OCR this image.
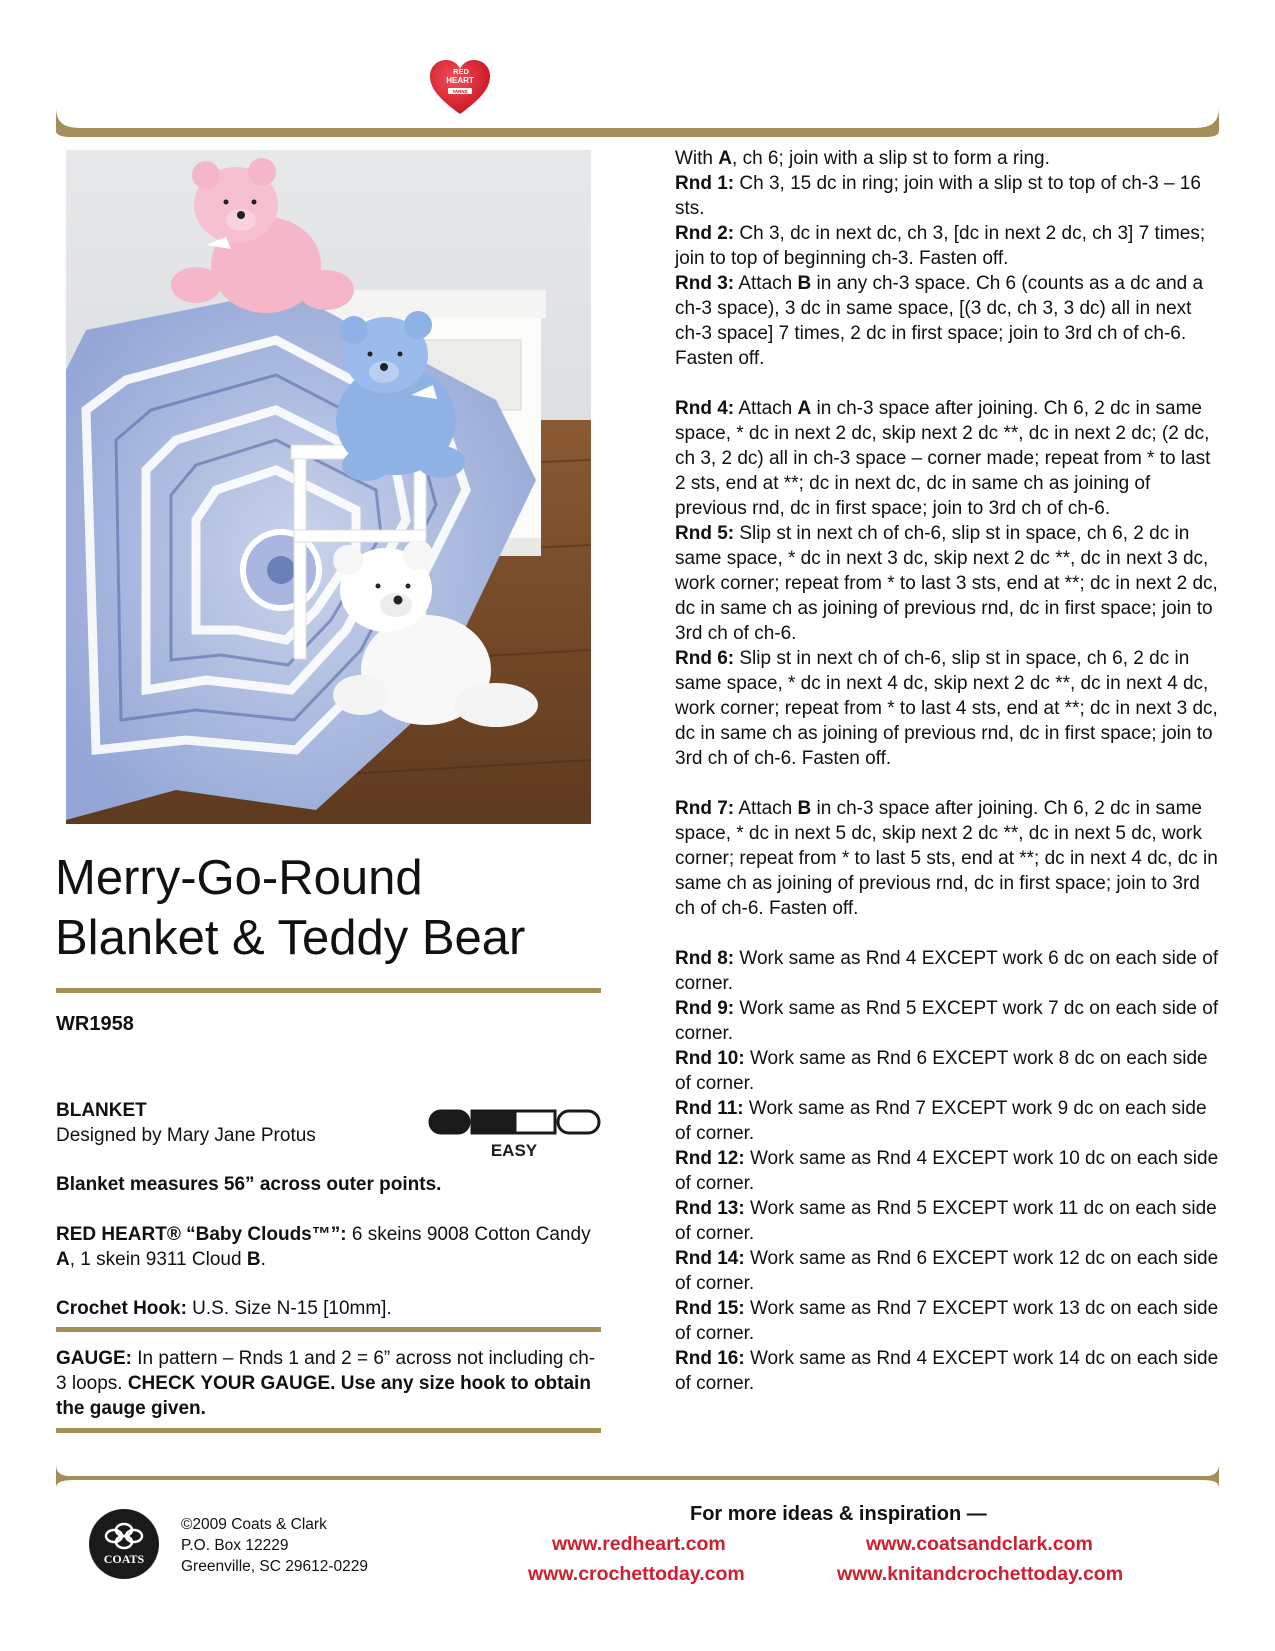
RED
HEART
YARNS
Merry-Go-Round
Blanket & Teddy Bear
WR1958
BLANKET
Designed by Mary Jane Protus
EASY
Blanket measures 56” across outer points.
RED HEART® “Baby Clouds™”: 6 skeins 9008 Cotton Candy A, 1 skein 9311 Cloud B.
Crochet Hook: U.S. Size N-15 [10mm].
GAUGE: In pattern – Rnds 1 and 2 = 6” across not including ch-3 loops. CHECK YOUR GAUGE. Use any size hook to obtain the gauge given.

With A, ch 6; join with a slip st to form a ring.

Rnd 1: Ch 3, 15 dc in ring; join with a slip st to top of ch-3 – 16 sts.

Rnd 2: Ch 3, dc in next dc, ch 3, [dc in next 2 dc, ch 3] 7 times; join to top of beginning ch-3. Fasten off.

Rnd 3: Attach B in any ch-3 space. Ch 6 (counts as a dc and a ch-3 space), 3 dc in same space, [(3 dc, ch 3, 3 dc) all in next ch-3 space] 7 times, 2 dc in first space; join to 3rd ch of ch-6. Fasten off.

Rnd 4: Attach A in ch-3 space after joining. Ch 6, 2 dc in same space, * dc in next 2 dc, skip next 2 dc **, dc in next 2 dc; (2 dc, ch 3, 2 dc) all in ch-3 space – corner made; repeat from * to last 2 sts, end at **; dc in next dc, dc in same ch as joining of previous rnd, dc in first space; join to 3rd ch of ch-6.

Rnd 5: Slip st in next ch of ch-6, slip st in space, ch 6, 2 dc in same space, * dc in next 3 dc, skip next 2 dc **, dc in next 3 dc, work corner; repeat from * to last 3 sts, end at **; dc in next 2 dc, dc in same ch as joining of previous rnd, dc in first space; join to 3rd ch of ch-6.

Rnd 6: Slip st in next ch of ch-6, slip st in space, ch 6, 2 dc in same space, * dc in next 4 dc, skip next 2 dc **, dc in next 4 dc, work corner; repeat from * to last 4 sts, end at **; dc in next 3 dc, dc in same ch as joining of previous rnd, dc in first space; join to 3rd ch of ch-6. Fasten off.

Rnd 7: Attach B in ch-3 space after joining. Ch 6, 2 dc in same space, * dc in next 5 dc, skip next 2 dc **, dc in next 5 dc, work corner; repeat from * to last 5 sts, end at **; dc in next 4 dc, dc in same ch as joining of previous rnd, dc in first space; join to 3rd ch of ch-6. Fasten off.

Rnd 8: Work same as Rnd 4 EXCEPT work 6 dc on each side of corner.

Rnd 9: Work same as Rnd 5 EXCEPT work 7 dc on each side of corner.

Rnd 10: Work same as Rnd 6 EXCEPT work 8 dc on each side of corner.

Rnd 11: Work same as Rnd 7 EXCEPT work 9 dc on each side of corner.

Rnd 12: Work same as Rnd 4 EXCEPT work 10 dc on each side of corner.

Rnd 13: Work same as Rnd 5 EXCEPT work 11 dc on each side of corner.

Rnd 14: Work same as Rnd 6 EXCEPT work 12 dc on each side of corner.

Rnd 15: Work same as Rnd 7 EXCEPT work 13 dc on each side of corner.

Rnd 16: Work same as Rnd 4 EXCEPT work 14 dc on each side of corner.

COATS
©2009 Coats & Clark
P.O. Box 12229
Greenville, SC 29612-0229
For more ideas & inspiration —
www.redheart.com	www.coatsandclark.com
www.crochettoday.com	www.knitandcrochettoday.com
